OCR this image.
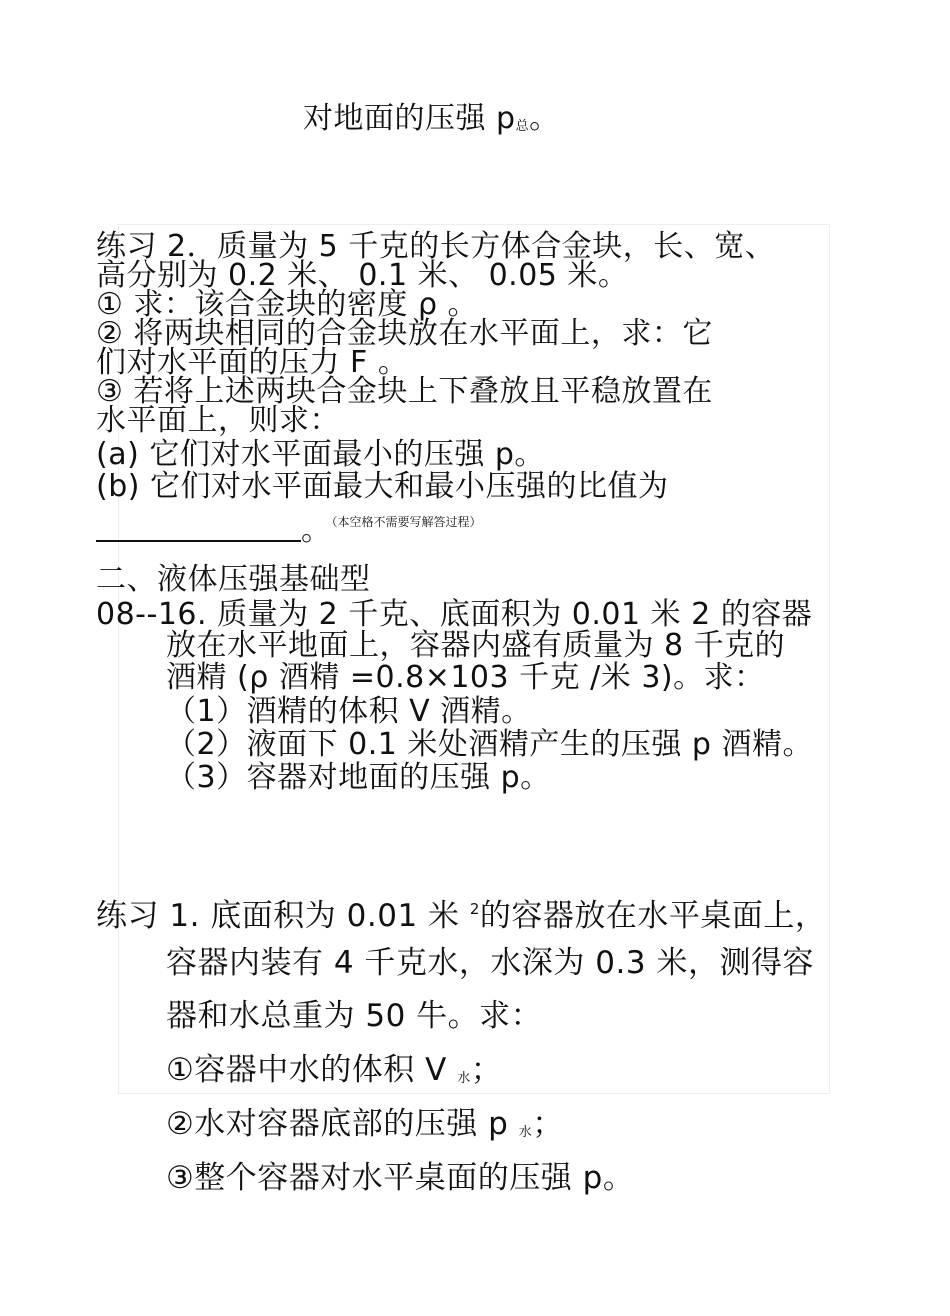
对地面的压强 p总。
练习 2．质量为 5 千克的长方体合金块，长、宽、
高分别为 0.2 米、 0.1 米、 0.05 米。
① 求：该合金块的密度 ρ 。
② 将两块相同的合金块放在水平面上，求：它
们对水平面的压力 F 。
③ 若将上述两块合金块上下叠放且平稳放置在
水平面上，则求：
(a) 它们对水平面最小的压强 p。
(b) 它们对水平面最大和最小压强的比值为
。$^{(本空格不需要写解答过程)}$
二、液体压强基础型
08--16. 质量为 2 千克、底面积为 0.01 米 2 的容器
放在水平地面上，容器内盛有质量为 8 千克的
酒精 (ρ 酒精 =0.8×103 千克 /米 3)。求：
（1）酒精的体积 V 酒精。
（2）液面下 0.1 米处酒精产生的压强 p 酒精。
（3）容器对地面的压强 p。
练习 1. 底面积为 0.01 米 $^2$的容器放在水平桌面上，
容器内装有 4 千克水，水深为 0.3 米，测得容
器和水总重为 50 牛。求：
①容器中水的体积 V 水；
②水对容器底部的压强 p 水；
③整个容器对水平桌面的压强 p。
